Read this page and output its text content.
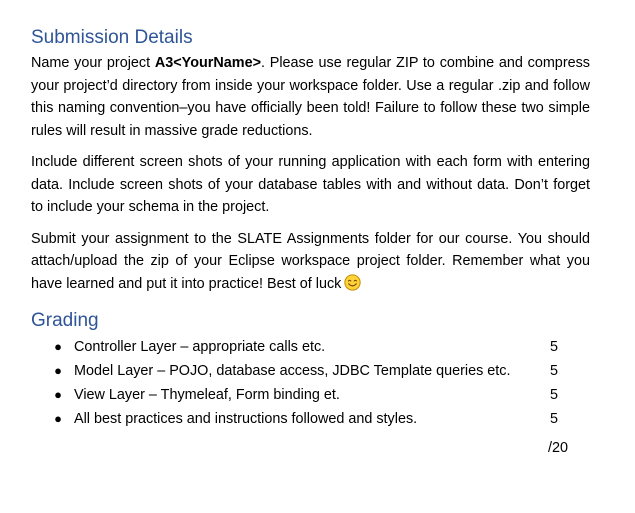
Submission Details

Name your project A3<YourName>. Please use regular ZIP to combine and compress your project’d directory from inside your workspace folder. Use a regular .zip and follow this naming convention–you have officially been told! Failure to follow these two simple rules will result in massive grade reductions.

Include different screen shots of your running application with each form with entering data. Include screen shots of your database tables with and without data. Don’t forget to include your schema in the project.

Submit your assignment to the SLATE Assignments folder for our course. You should attach/upload the zip of your Eclipse workspace project folder. Remember what you have learned and put it into practice! Best of luck

Grading
● Controller Layer – appropriate calls etc.	5
● Model Layer – POJO, database access, JDBC Template queries etc.	5
● View Layer – Thymeleaf, Form binding et.	5
● All best practices and instructions followed and styles.	5
/20
